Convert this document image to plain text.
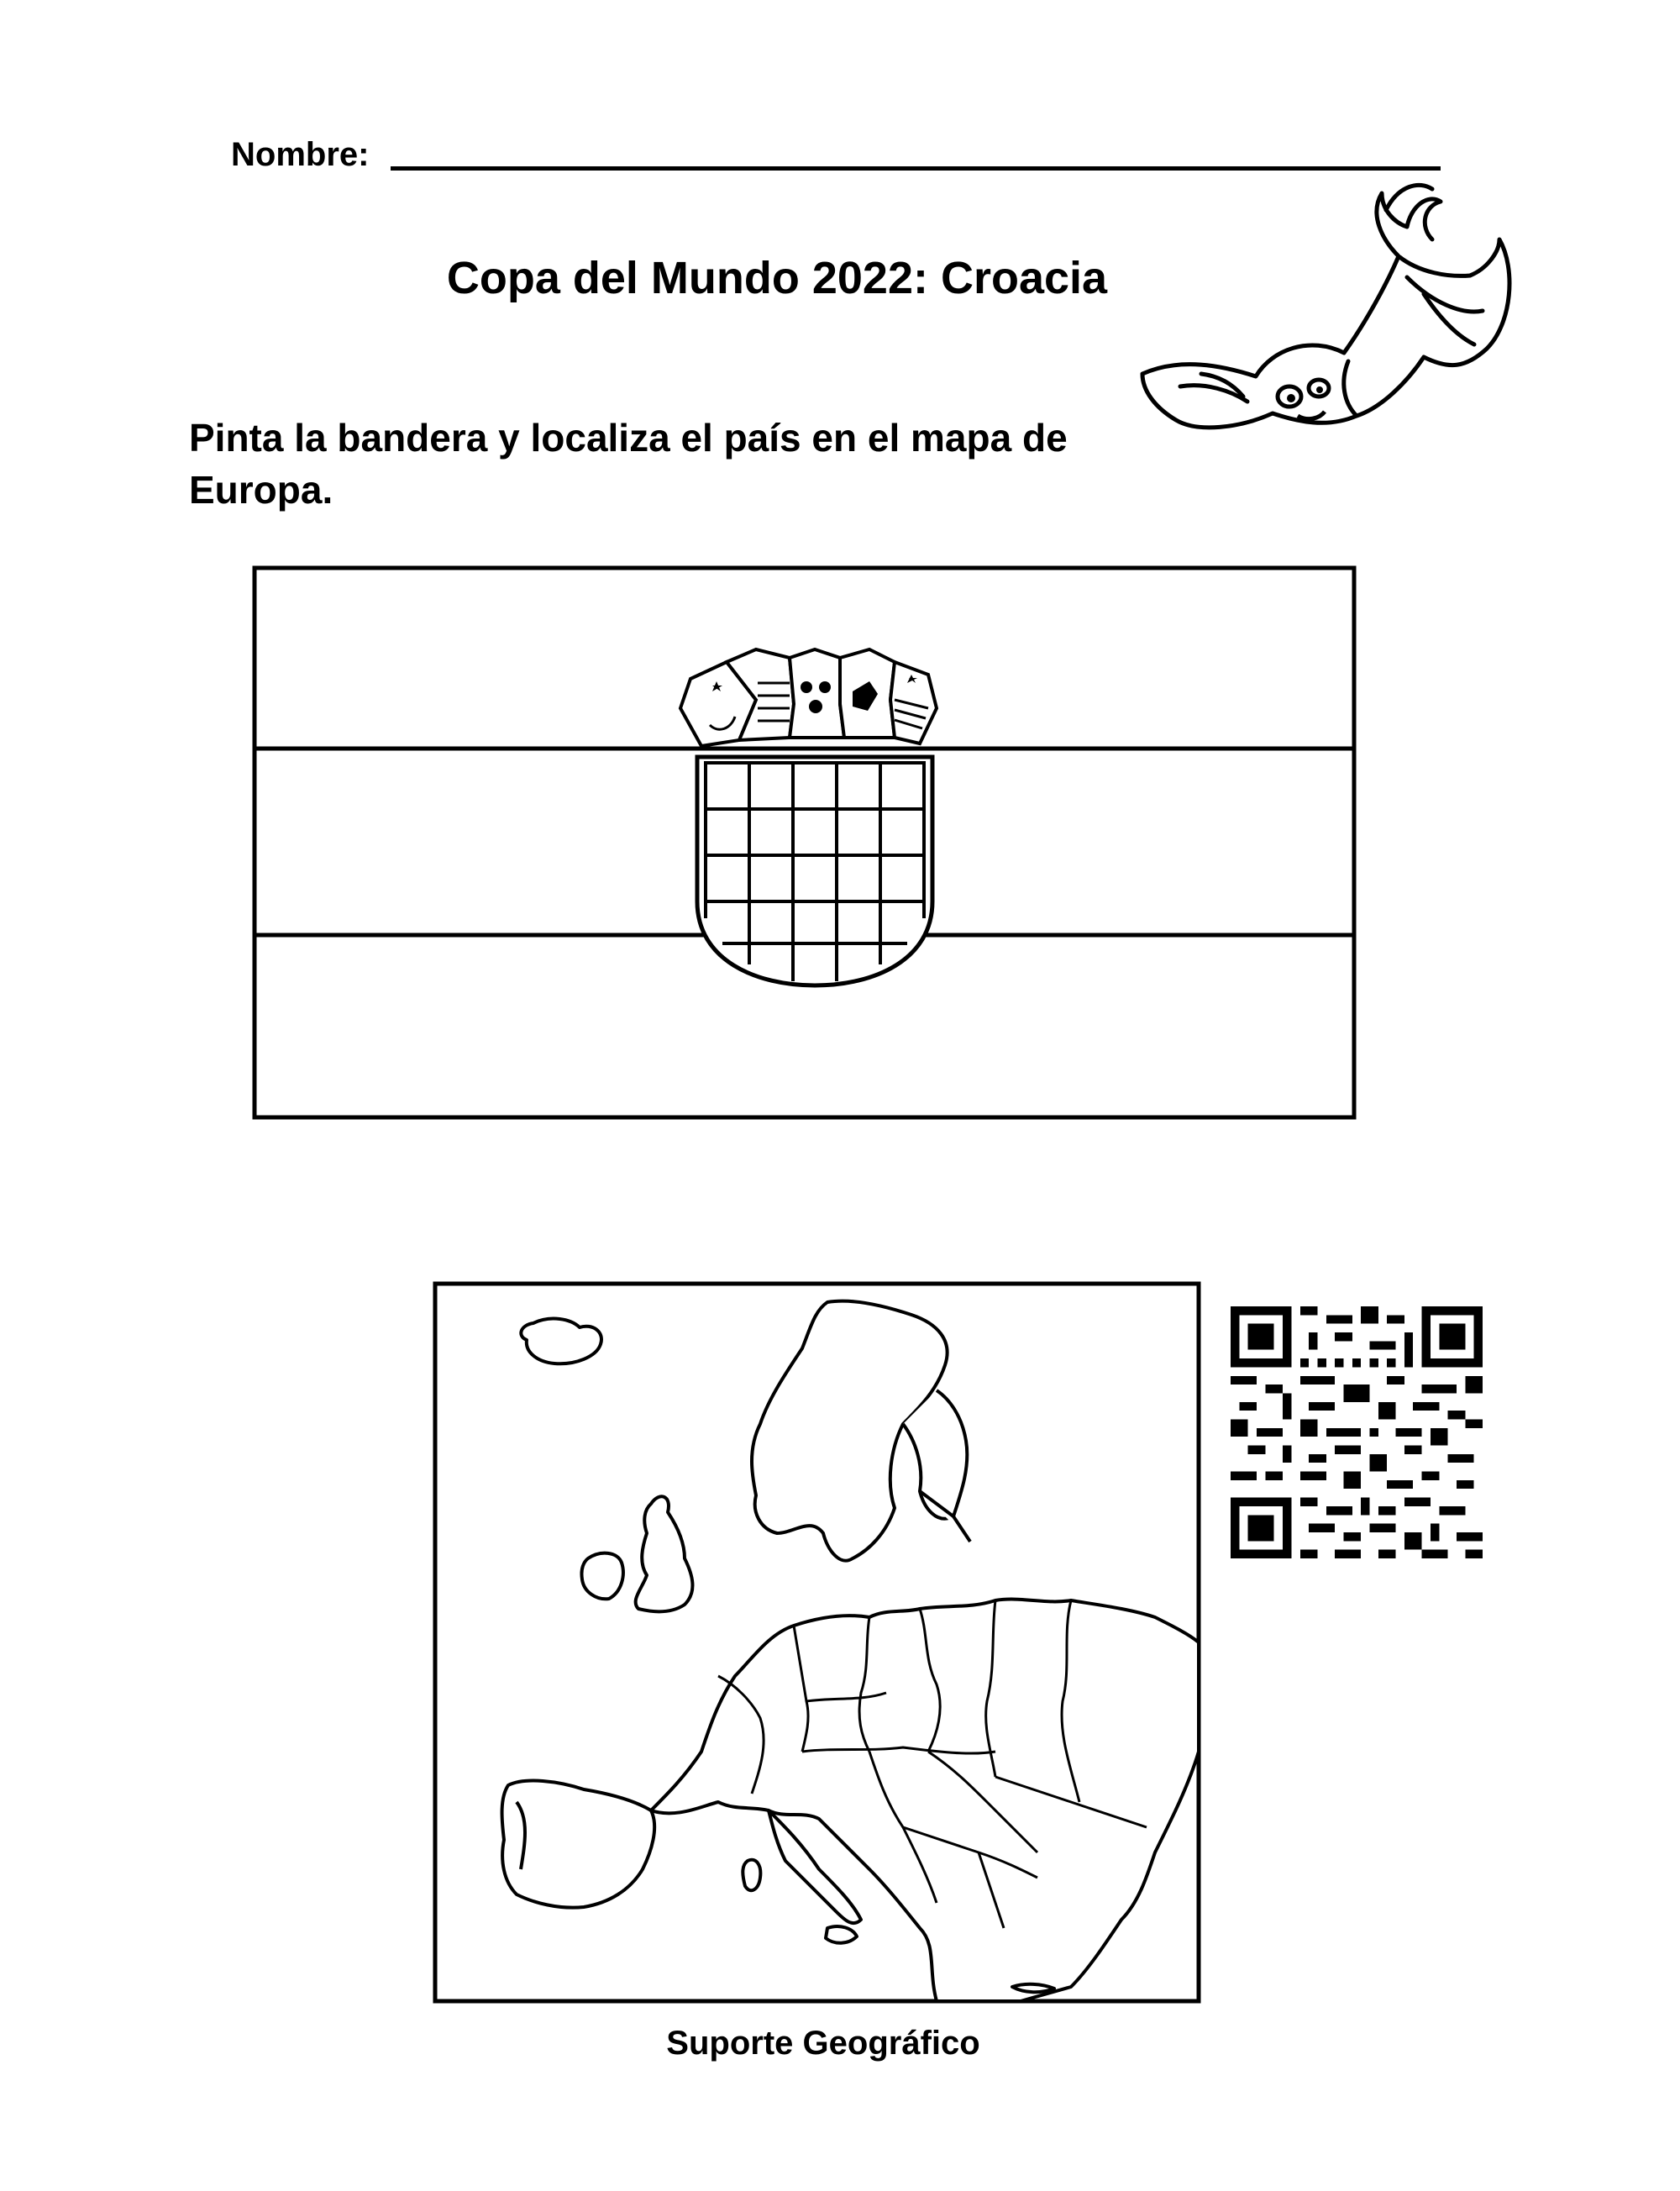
Nombre:
Copa del Mundo 2022: Croacia
Pinta la bandera y localiza el país en el mapa de
Europa.
Suporte Geográfico
